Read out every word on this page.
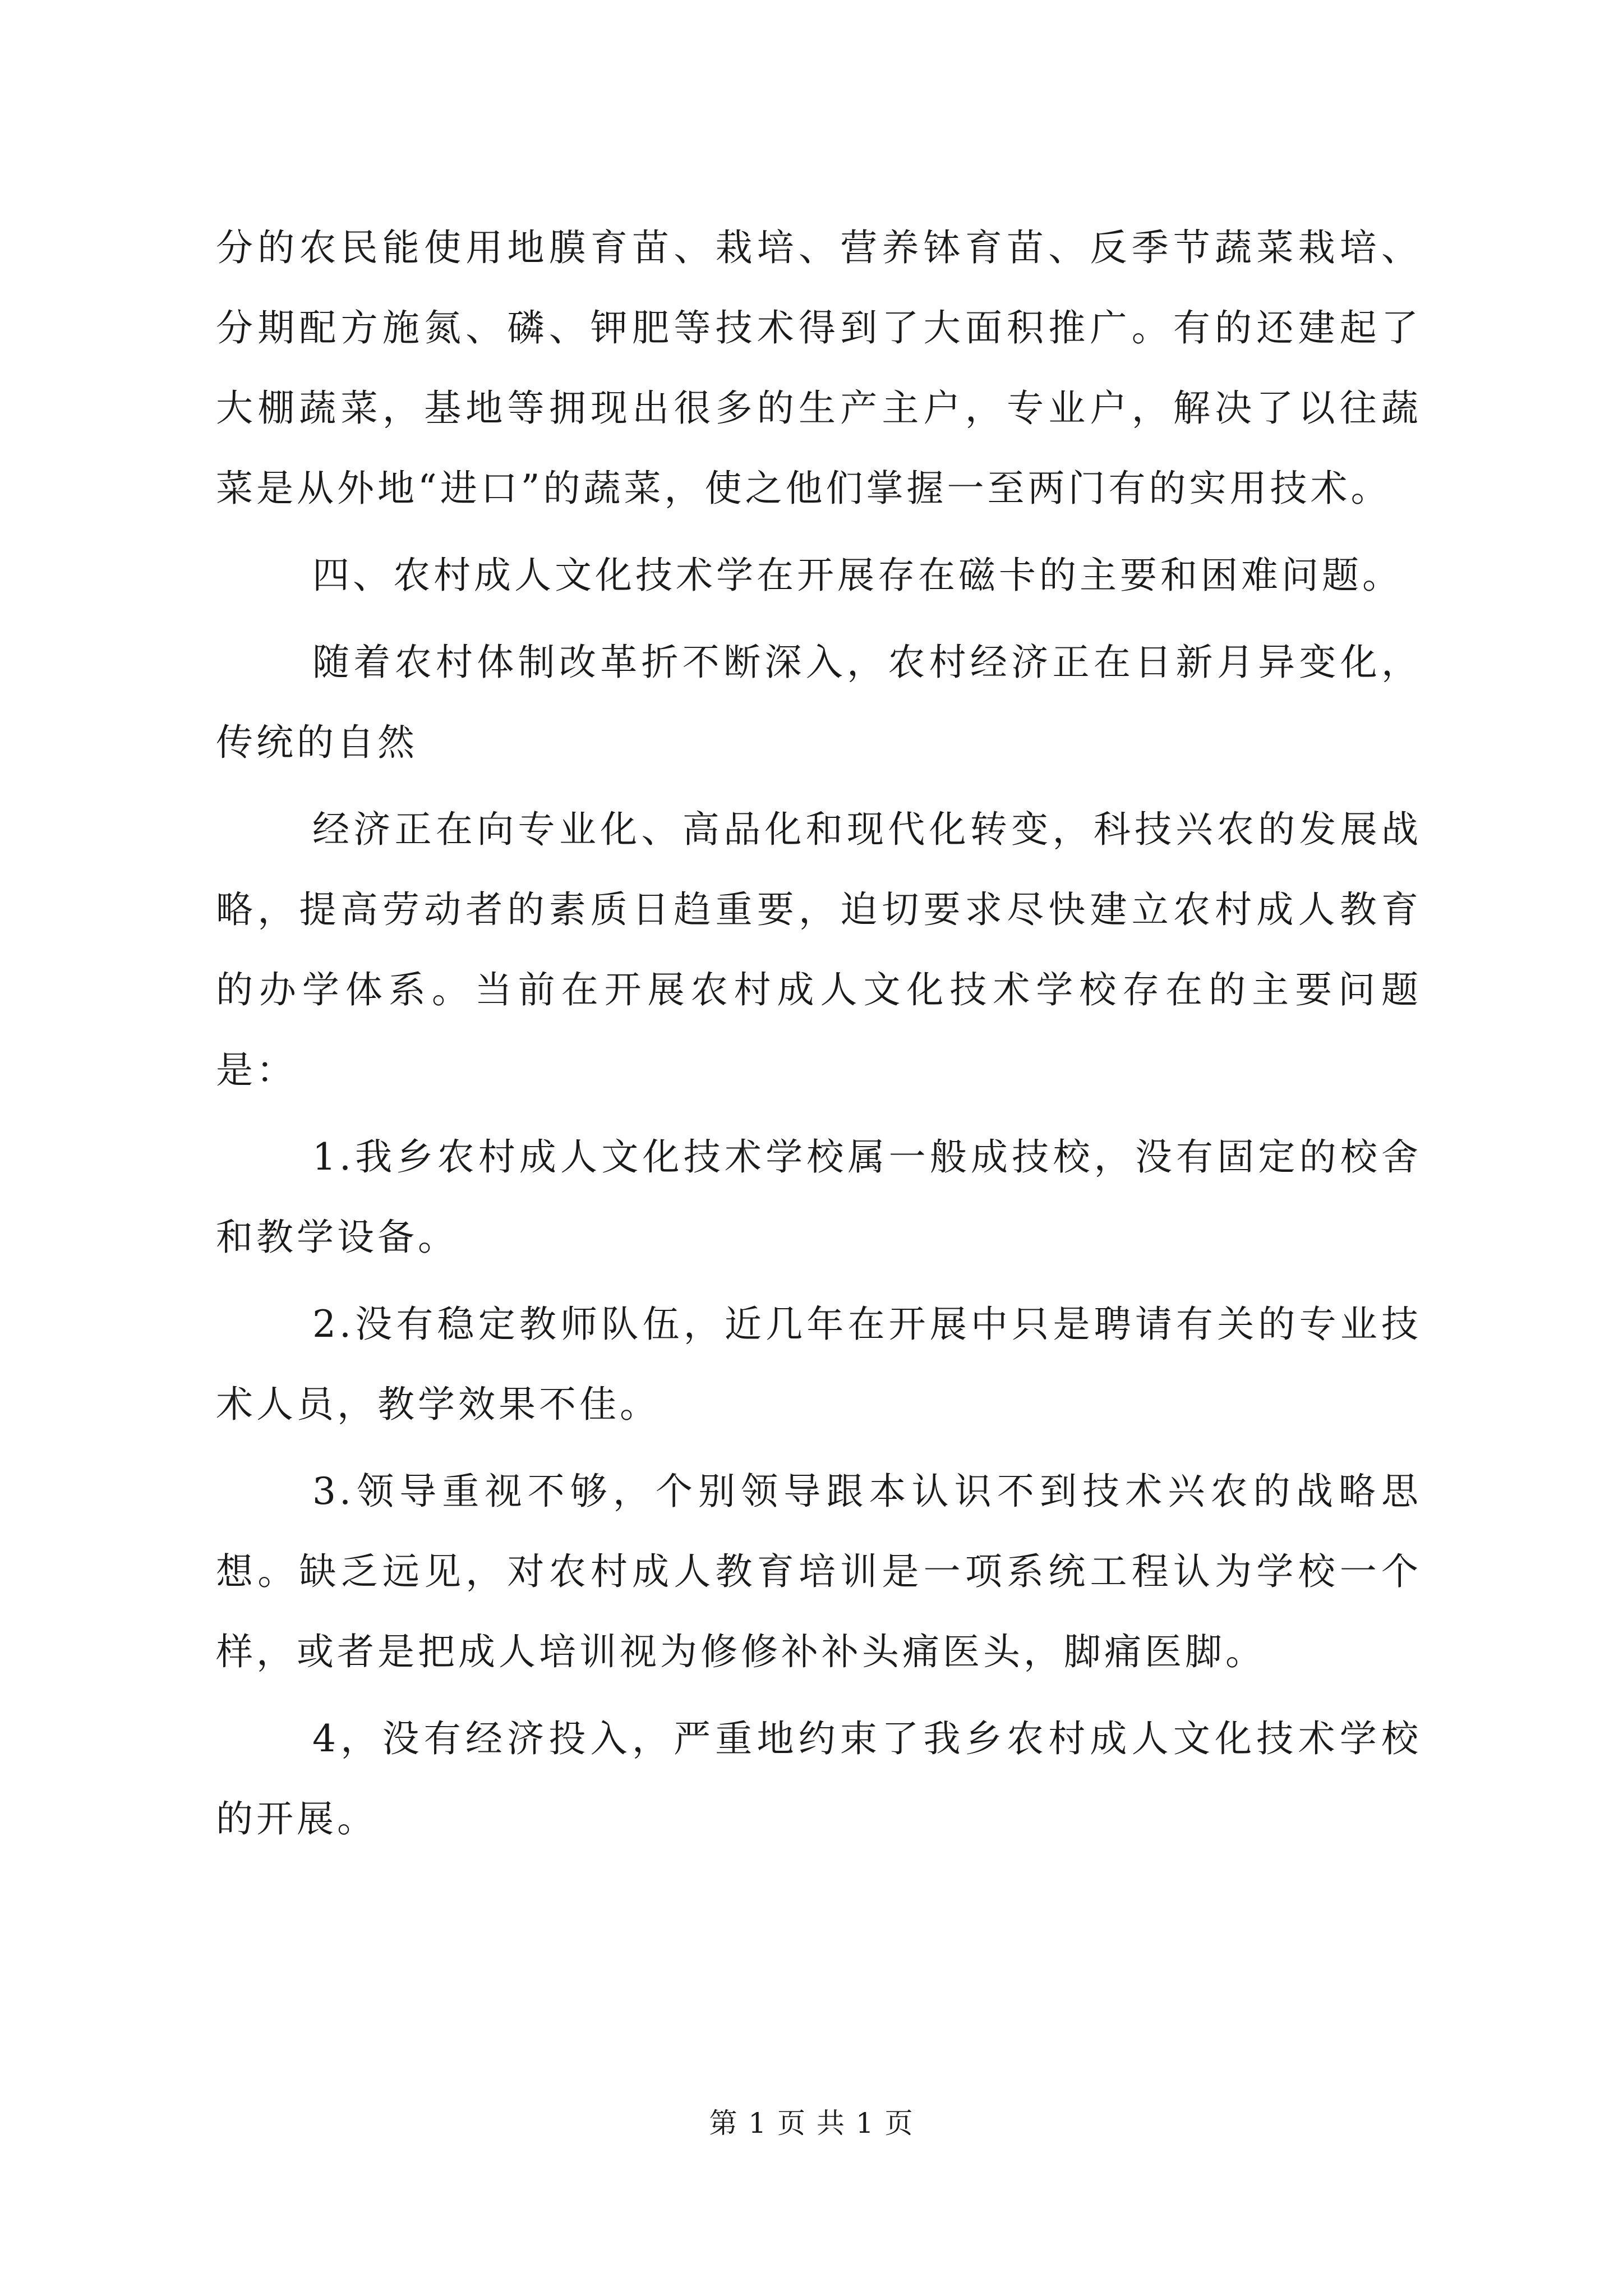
分的农民能使用地膜育苗、栽培、营养钵育苗、反季节蔬菜栽培、分期配方施氮、磷、钾肥等技术得到了大面积推广。有的还建起了大棚蔬菜，基地等拥现出很多的生产主户，专业户，解决了以往蔬菜是从外地“进口”的蔬菜，使之他们掌握一至两门有的实用技术。

四、农村成人文化技术学在开展存在磁卡的主要和困难问题。

随着农村体制改革折不断深入，农村经济正在日新月异变化，传统的自然

经济正在向专业化、高品化和现代化转变，科技兴农的发展战略，提高劳动者的素质日趋重要，迫切要求尽快建立农村成人教育的办学体系。当前在开展农村成人文化技术学校存在的主要问题是：

1.我乡农村成人文化技术学校属一般成技校，没有固定的校舍和教学设备。

2.没有稳定教师队伍，近几年在开展中只是聘请有关的专业技术人员，教学效果不佳。

3.领导重视不够，个别领导跟本认识不到技术兴农的战略思想。缺乏远见，对农村成人教育培训是一项系统工程认为学校一个样，或者是把成人培训视为修修补补头痛医头，脚痛医脚。

4，没有经济投入，严重地约束了我乡农村成人文化技术学校的开展。

第 1 页 共 1 页
